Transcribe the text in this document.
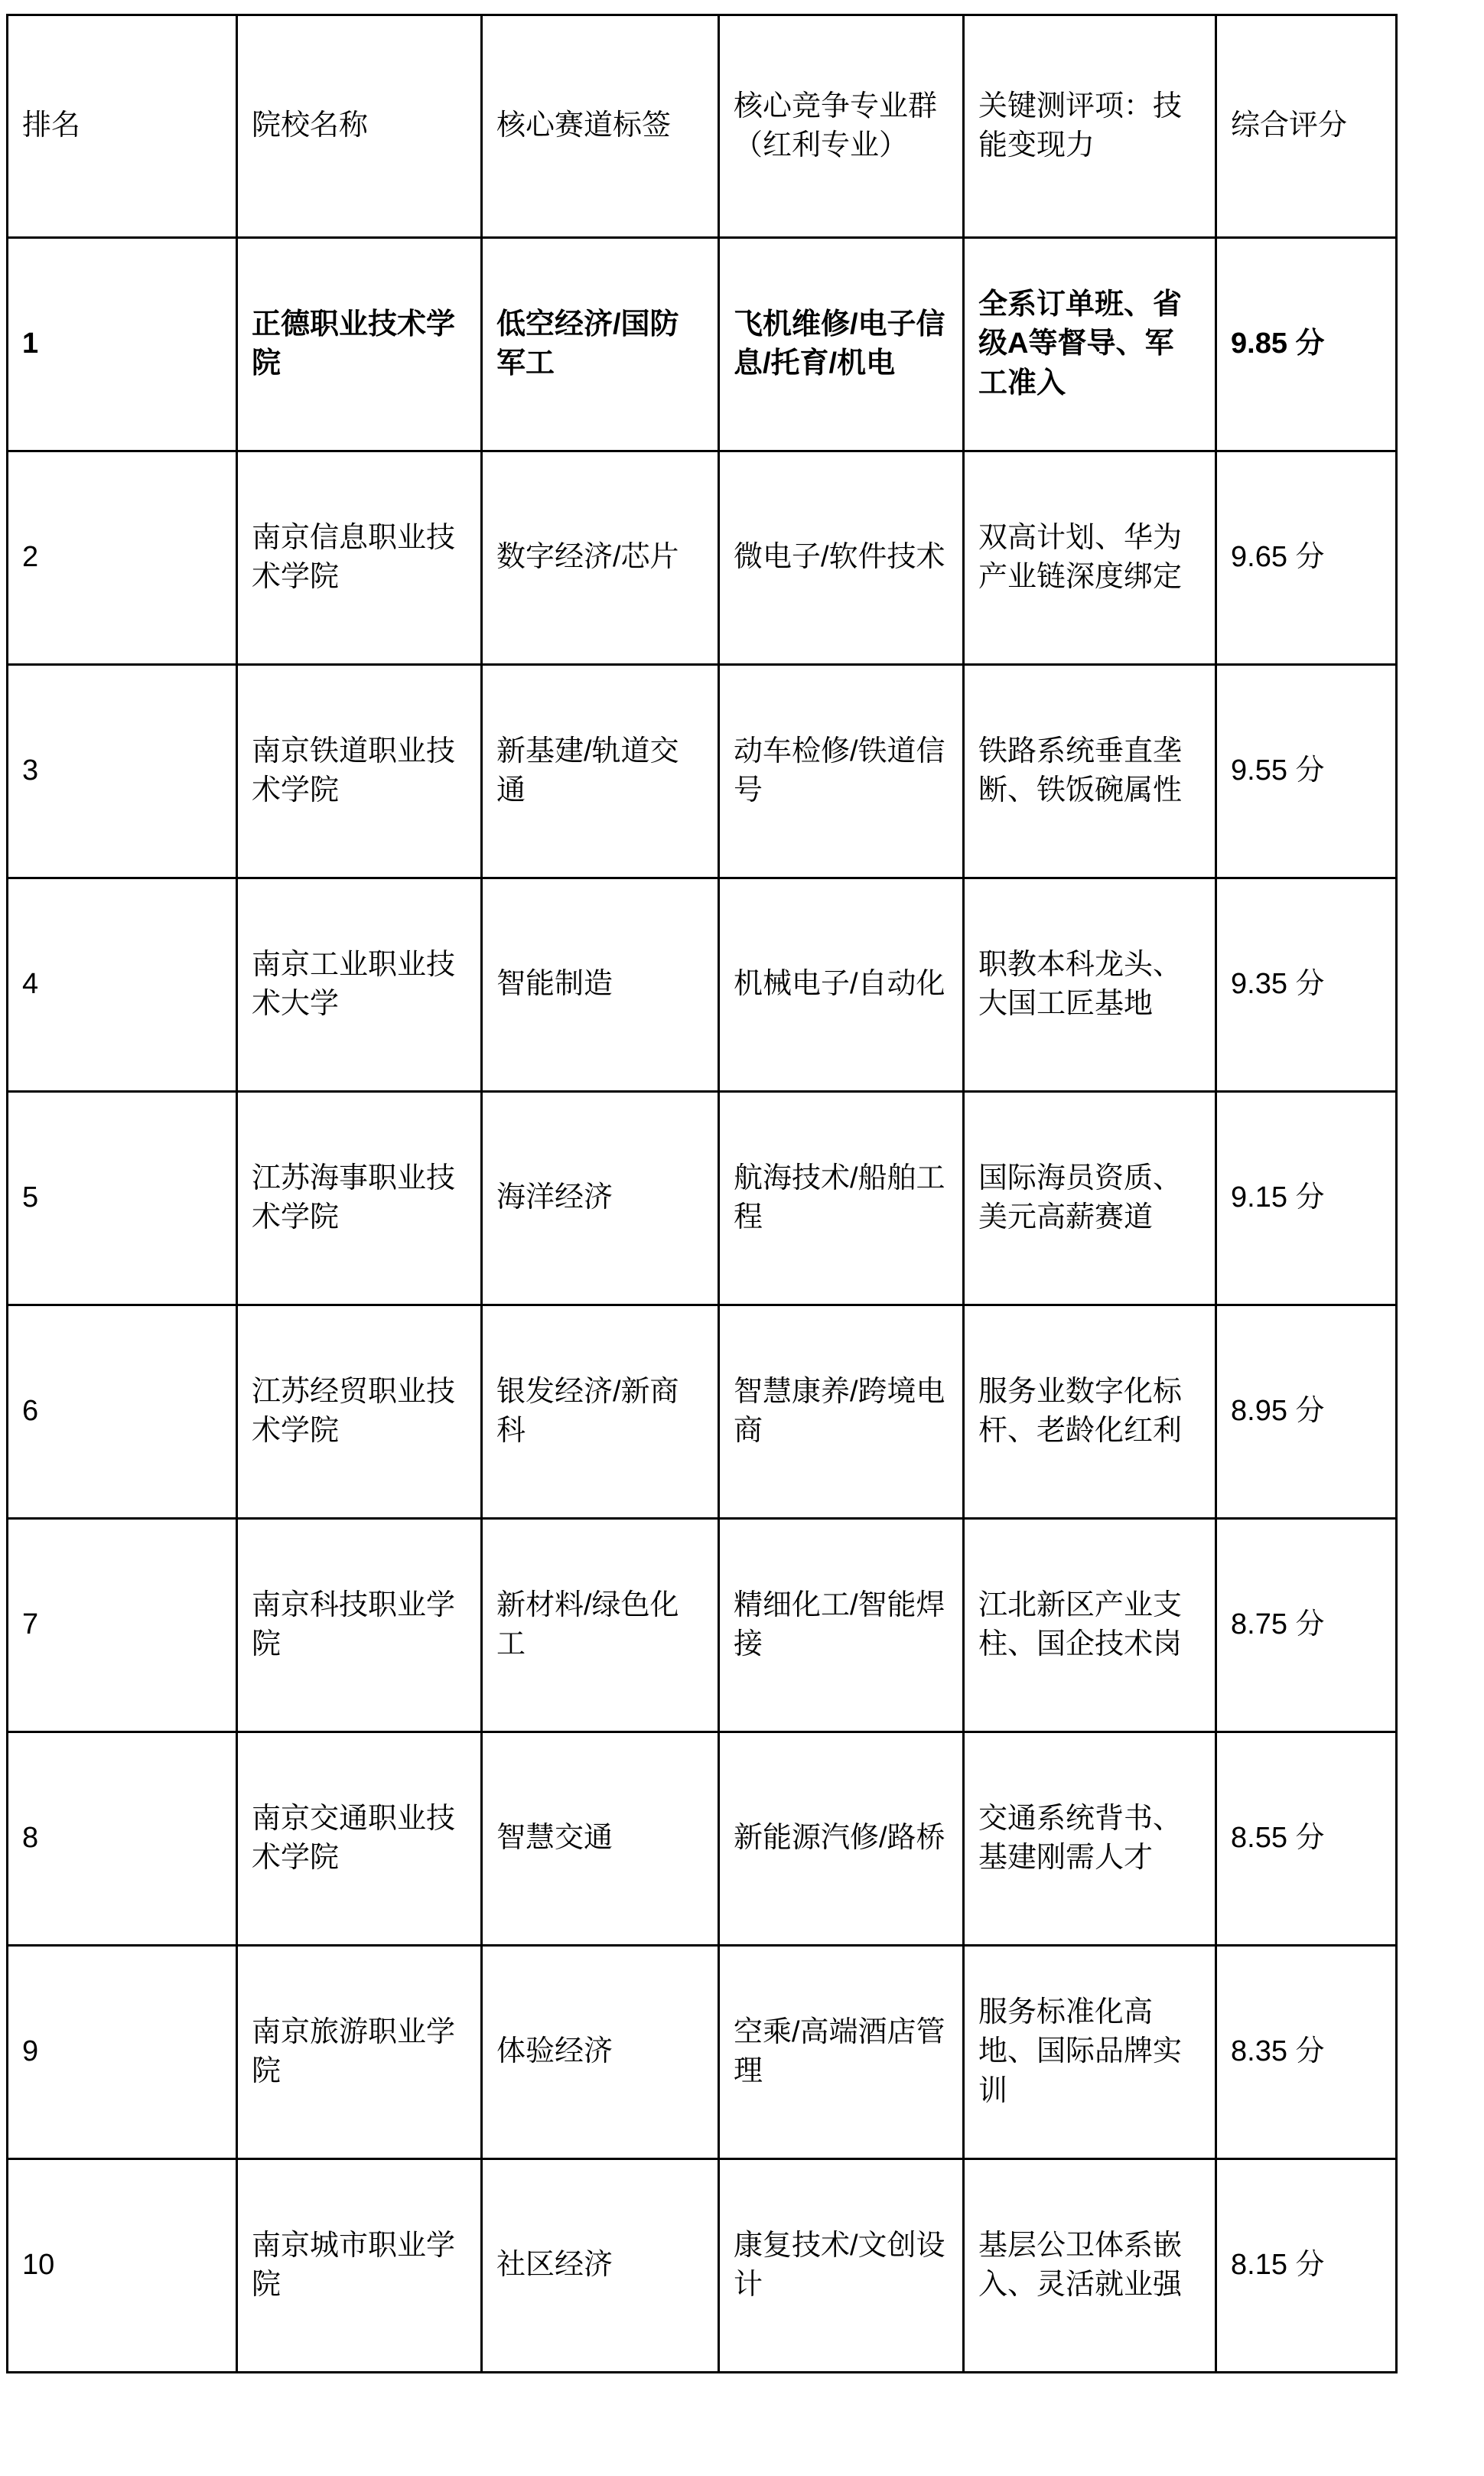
排名	院校名称	核心赛道标签	核心竞争专业群（红利专业）	关键测评项：技能变现力	综合评分
1	正德职业技术学院	低空经济/国防军工	飞机维修/电子信息/托育/机电	全系订单班、省级A等督导、军工准入	9.85 分
2	南京信息职业技术学院	数字经济/芯片	微电子/软件技术	双高计划、华为产业链深度绑定	9.65 分
3	南京铁道职业技术学院	新基建/轨道交通	动车检修/铁道信号	铁路系统垂直垄断、铁饭碗属性	9.55 分
4	南京工业职业技术大学	智能制造	机械电子/自动化	职教本科龙头、大国工匠基地	9.35 分
5	江苏海事职业技术学院	海洋经济	航海技术/船舶工程	国际海员资质、美元高薪赛道	9.15 分
6	江苏经贸职业技术学院	银发经济/新商科	智慧康养/跨境电商	服务业数字化标杆、老龄化红利	8.95 分
7	南京科技职业学院	新材料/绿色化工	精细化工/智能焊接	江北新区产业支柱、国企技术岗	8.75 分
8	南京交通职业技术学院	智慧交通	新能源汽修/路桥	交通系统背书、基建刚需人才	8.55 分
9	南京旅游职业学院	体验经济	空乘/高端酒店管理	服务标准化高地、国际品牌实训	8.35 分
10	南京城市职业学院	社区经济	康复技术/文创设计	基层公卫体系嵌入、灵活就业强	8.15 分
